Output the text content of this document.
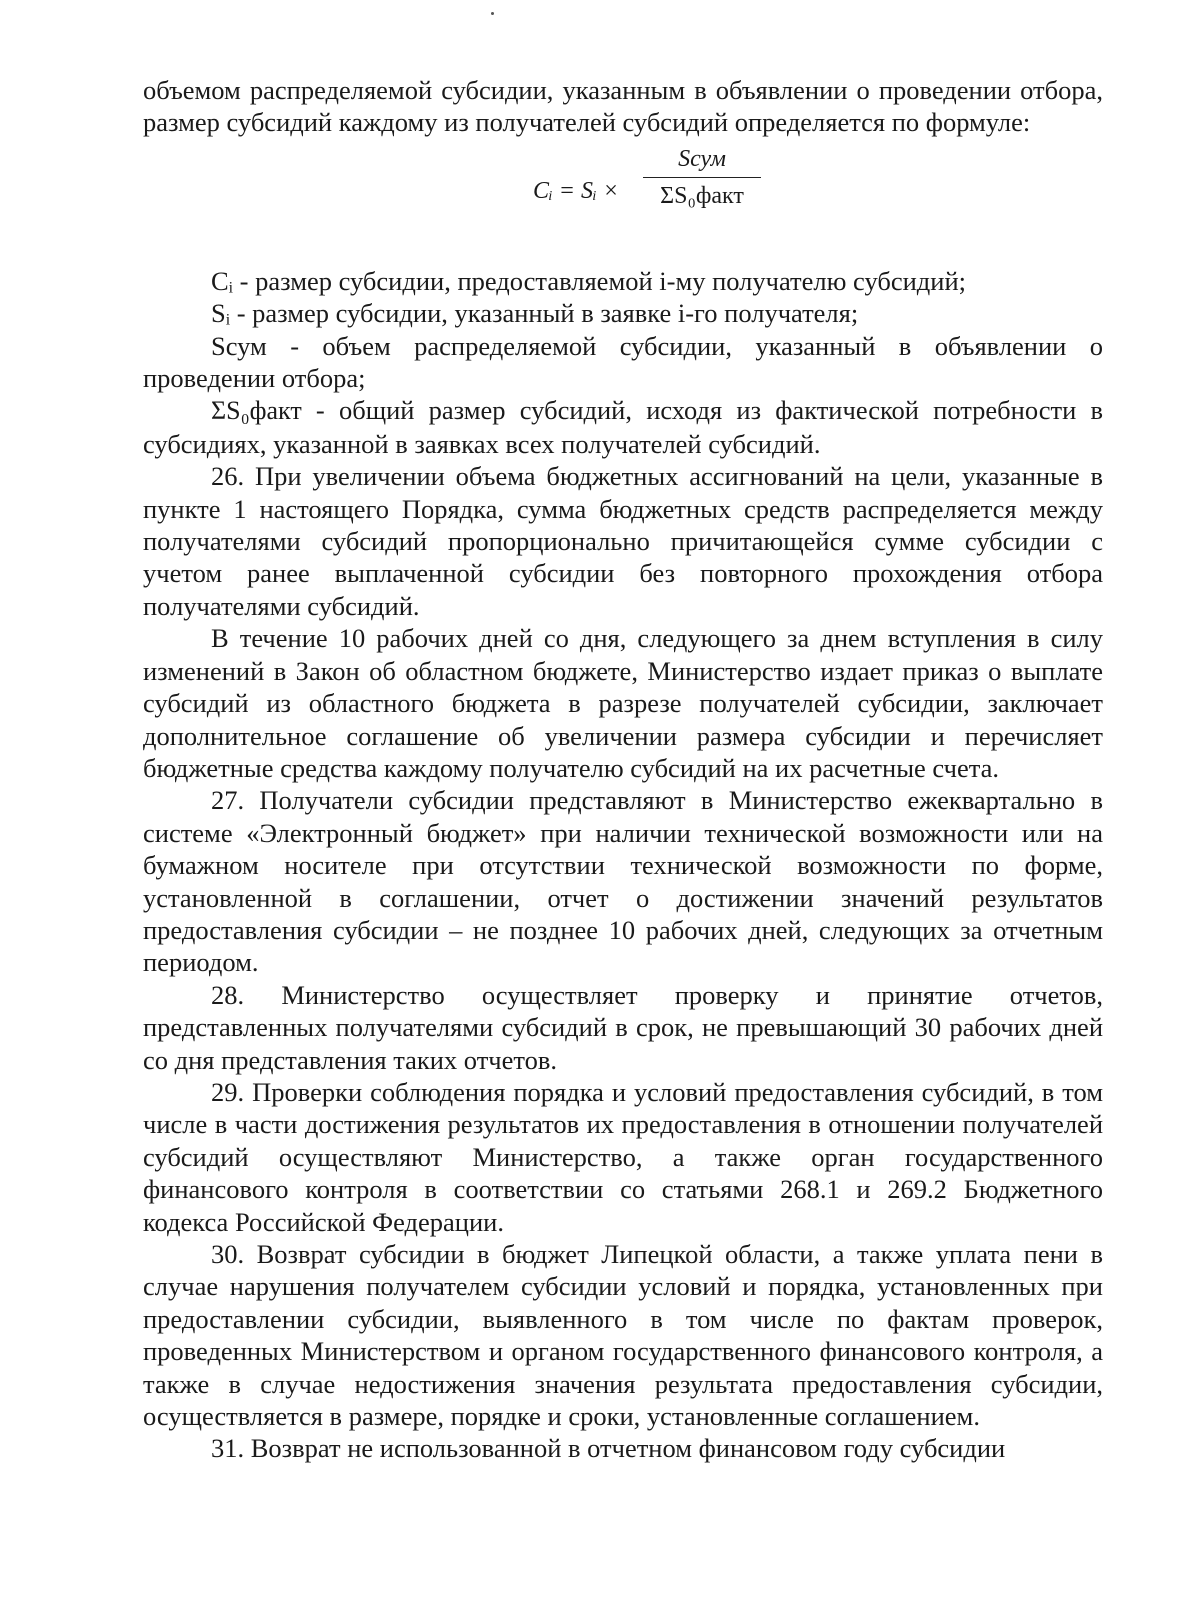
объемом распределяемой субсидии, указанным в объявлении о проведении отбора, размер субсидий каждому из получателей субсидий определяется по формуле:

Cᵢ = Sᵢ ×
Sсум
ΣS₀факт

Cᵢ - размер субсидии, предоставляемой i-му получателю субсидий;

Sᵢ - размер субсидии, указанный в заявке i-го получателя;

Sсум - объем распределяемой субсидии, указанный в объявлении о проведении отбора;

ΣS₀факт - общий размер субсидий, исходя из фактической потребности в субсидиях, указанной в заявках всех получателей субсидий.

26. При увеличении объема бюджетных ассигнований на цели, указанные в пункте 1 настоящего Порядка, сумма бюджетных средств распределяется между получателями субсидий пропорционально причитающейся сумме субсидии с учетом ранее выплаченной субсидии без повторного прохождения отбора получателями субсидий.

В течение 10 рабочих дней со дня, следующего за днем вступления в силу изменений в Закон об областном бюджете, Министерство издает приказ о выплате субсидий из областного бюджета в разрезе получателей субсидии, заключает дополнительное соглашение об увеличении размера субсидии и перечисляет бюджетные средства каждому получателю субсидий на их расчетные счета.

27. Получатели субсидии представляют в Министерство ежеквартально в системе «Электронный бюджет» при наличии технической возможности или на бумажном носителе при отсутствии технической возможности по форме, установленной в соглашении, отчет о достижении значений результатов предоставления субсидии – не позднее 10 рабочих дней, следующих за отчетным периодом.

28. Министерство осуществляет проверку и принятие отчетов, представленных получателями субсидий в срок, не превышающий 30 рабочих дней со дня представления таких отчетов.

29. Проверки соблюдения порядка и условий предоставления субсидий, в том числе в части достижения результатов их предоставления в отношении получателей субсидий осуществляют Министерство, а также орган государственного финансового контроля в соответствии со статьями 268.1 и 269.2 Бюджетного кодекса Российской Федерации.

30. Возврат субсидии в бюджет Липецкой области, а также уплата пени в случае нарушения получателем субсидии условий и порядка, установленных при предоставлении субсидии, выявленного в том числе по фактам проверок, проведенных Министерством и органом государственного финансового контроля, а также в случае недостижения значения результата предоставления субсидии, осуществляется в размере, порядке и сроки, установленные соглашением.

31. Возврат не использованной в отчетном финансовом году субсидии
